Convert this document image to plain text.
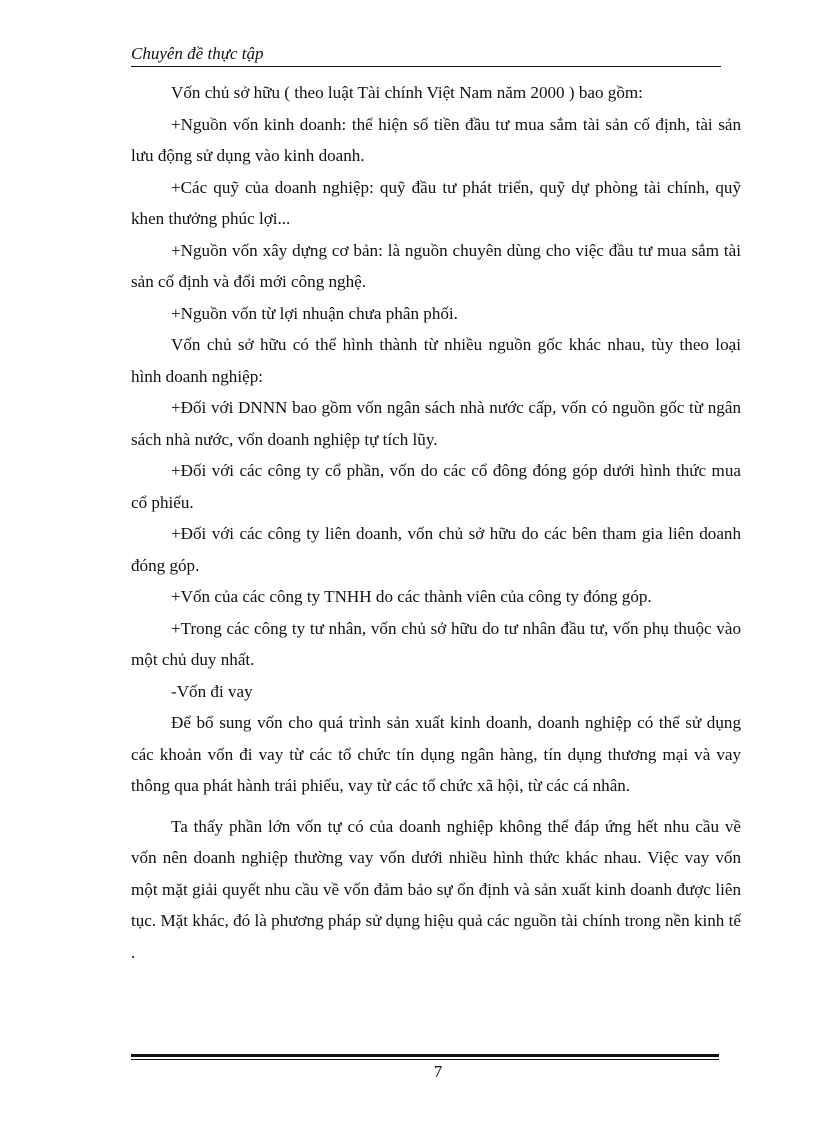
Chuyên đề thực tập

Vốn chủ sở hữu ( theo luật Tài chính Việt Nam năm 2000 ) bao gồm:

+Nguồn vốn kinh doanh: thể hiện số tiền đầu tư mua sắm tài sản cố định, tài sản lưu động sử dụng vào kinh doanh.

+Các quỹ của doanh nghiệp: quỹ đầu tư phát triển, quỹ dự phòng tài chính, quỹ khen thưởng phúc lợi...

+Nguồn vốn xây dựng cơ bản: là nguồn chuyên dùng cho việc đầu tư mua sắm tài sản cố định và đổi mới công nghệ.

+Nguồn vốn từ lợi nhuận chưa phân phối.

Vốn chủ sở hữu có thể hình thành từ nhiều nguồn gốc khác nhau, tùy theo loại hình doanh nghiệp:

+Đối với DNNN bao gồm vốn ngân sách nhà nước cấp, vốn có nguồn gốc từ ngân sách nhà nước, vốn doanh nghiệp tự tích lũy.

+Đối với các công ty cổ phần, vốn do các cổ đông đóng góp dưới hình thức mua cổ phiếu.

+Đối với các công ty liên doanh, vốn chủ sở hữu do các bên tham gia liên doanh đóng góp.

+Vốn của các công ty TNHH do các thành viên của công ty đóng góp.

+Trong các công ty tư nhân, vốn chủ sở hữu do tư nhân đầu tư, vốn phụ thuộc vào một chủ duy nhất.

-Vốn đi vay

Để bổ sung vốn cho quá trình sản xuất kinh doanh, doanh nghiệp có thể sử dụng các khoản vốn đi vay từ các tổ chức tín dụng ngân hàng, tín dụng thương mại và vay thông qua phát hành trái phiếu, vay từ các tổ chức xã hội, từ các cá nhân.

Ta thấy phần lớn vốn tự có của doanh nghiệp không thể đáp ứng hết nhu cầu về vốn nên doanh nghiệp thường vay vốn dưới nhiều hình thức khác nhau. Việc vay vốn một mặt giải quyết nhu cầu về vốn đảm bảo sự ổn định và sản xuất kinh doanh được liên tục. Mặt khác, đó là phương pháp sử dụng hiệu quả các nguồn tài chính trong nền kinh tế .

7
